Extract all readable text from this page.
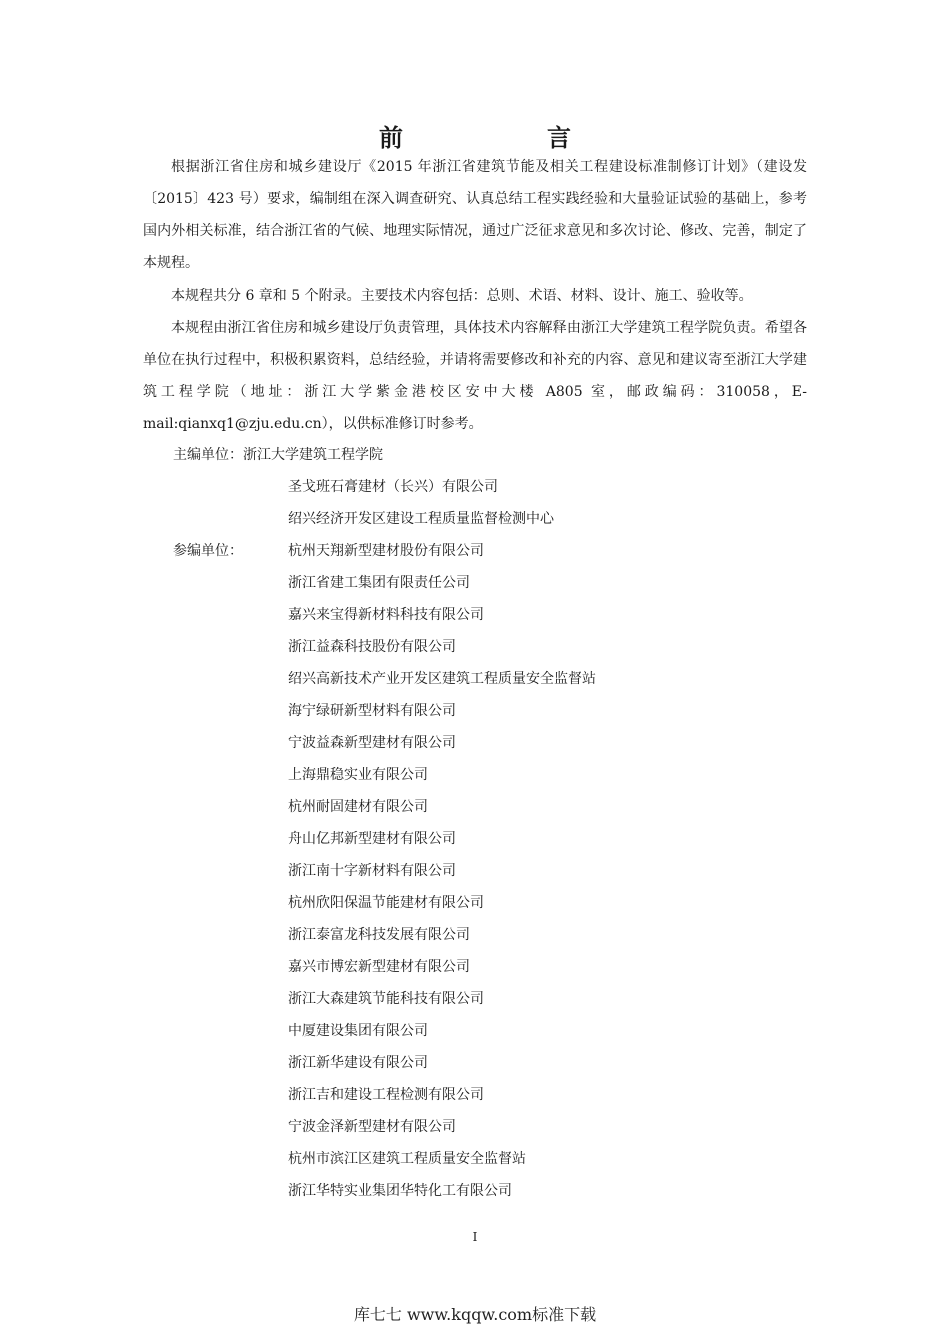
前　言

根据浙江省住房和城乡建设厅《2015 年浙江省建筑节能及相关工程建设标准制修订计划》（建设发〔2015〕423 号）要求，编制组在深入调查研究、认真总结工程实践经验和大量验证试验的基础上，参考国内外相关标准，结合浙江省的气候、地理实际情况，通过广泛征求意见和多次讨论、修改、完善，制定了本规程。

本规程共分 6 章和 5 个附录。主要技术内容包括：总则、术语、材料、设计、施工、验收等。

本规程由浙江省住房和城乡建设厅负责管理，具体技术内容解释由浙江大学建筑工程学院负责。希望各单位在执行过程中，积极积累资料，总结经验，并请将需要修改和补充的内容、意见和建议寄至浙江大学建筑工程学院（地址：浙江大学紫金港校区安中大楼 A805 室，邮政编码：310058，E-mail:qianxq1@zju.edu.cn），以供标准修订时参考。

主编单位：浙江大学建筑工程学院
圣戈班石膏建材（长兴）有限公司
绍兴经济开发区建设工程质量监督检测中心
参编单位：	杭州天翔新型建材股份有限公司
浙江省建工集团有限责任公司
嘉兴来宝得新材料科技有限公司
浙江益森科技股份有限公司
绍兴高新技术产业开发区建筑工程质量安全监督站
海宁绿研新型材料有限公司
宁波益森新型建材有限公司
上海鼎稳实业有限公司
杭州耐固建材有限公司
舟山亿邦新型建材有限公司
浙江南十字新材料有限公司
杭州欣阳保温节能建材有限公司
浙江泰富龙科技发展有限公司
嘉兴市博宏新型建材有限公司
浙江大森建筑节能科技有限公司
中厦建设集团有限公司
浙江新华建设有限公司
浙江吉和建设工程检测有限公司
宁波金泽新型建材有限公司
杭州市滨江区建筑工程质量安全监督站
浙江华特实业集团华特化工有限公司
I
库七七 www.kqqw.com标准下载
